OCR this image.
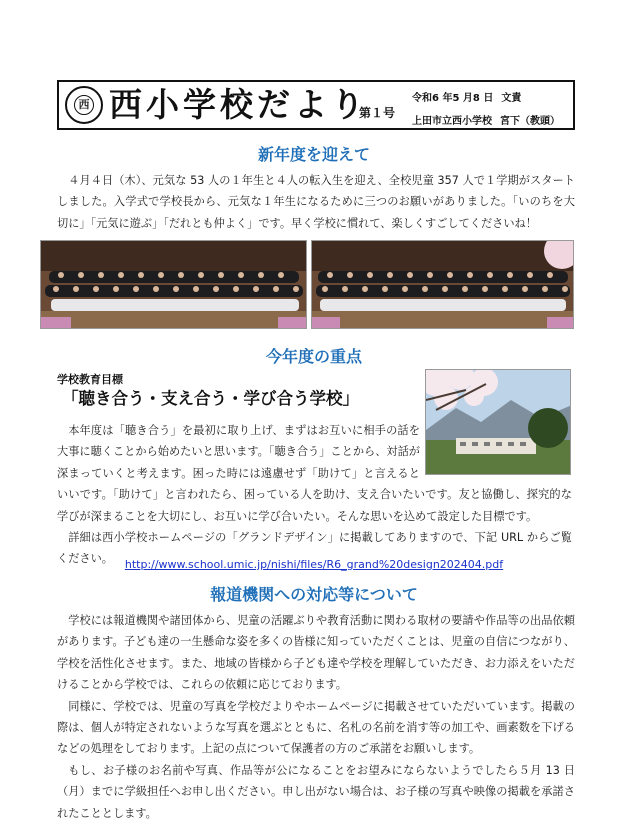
西 西小学校だより
第１号
令和6 年5 月8 日 文責
上田市立西小学校 宮下（教頭）
新年度を迎えて
４月４日（木）、元気な 53 人の１年生と４人の転入生を迎え、全校児童 357 人で１学期がスタートしました。入学式で学校長から、元気な１年生になるために三つのお願いがありました。「いのちを大切に」「元気に遊ぶ」「だれとも仲よく」です。早く学校に慣れて、楽しくすごしてくださいね！
今年度の重点
学校教育目標
「聴き合う・支え合う・学び合う学校」
本年度は「聴き合う」を最初に取り上げ、まずはお互いに相手の話を大事に聴くことから始めたいと思います。「聴き合う」ことから、対話が深まっていくと考えます。困った時には遠慮せず「助けて」と言えるといいです。「助けて」と言われたら、困っている人を助け、支え合いたいです。友と協働し、探究的な学びが深まることを大切にし、お互いに学び合いたい。そんな思いを込めて設定した目標です。
詳細は西小学校ホームページの「グランドデザイン」に掲載してありますので、下記 URL からご覧ください。	http://www.school.umic.jp/nishi/files/R6_grand%20design202404.pdf
報道機関への対応等について
学校には報道機関や諸団体から、児童の活躍ぶりや教育活動に関わる取材の要請や作品等の出品依頼があります。子ども達の一生懸命な姿を多くの皆様に知っていただくことは、児童の自信につながり、学校を活性化させます。また、地域の皆様から子ども達や学校を理解していただき、お力添えをいただけることから学校では、これらの依頼に応じております。
同様に、学校では、児童の写真を学校だよりやホームページに掲載させていただいています。掲載の際は、個人が特定されないような写真を選ぶとともに、名札の名前を消す等の加工や、画素数を下げるなどの処理をしております。上記の点について保護者の方のご承諾をお願いします。
もし、お子様のお名前や写真、作品等が公になることをお望みにならないようでしたら５月 13 日（月）までに学級担任へお申し出ください。申し出がない場合は、お子様の写真や映像の掲載を承諾されたこととします。
